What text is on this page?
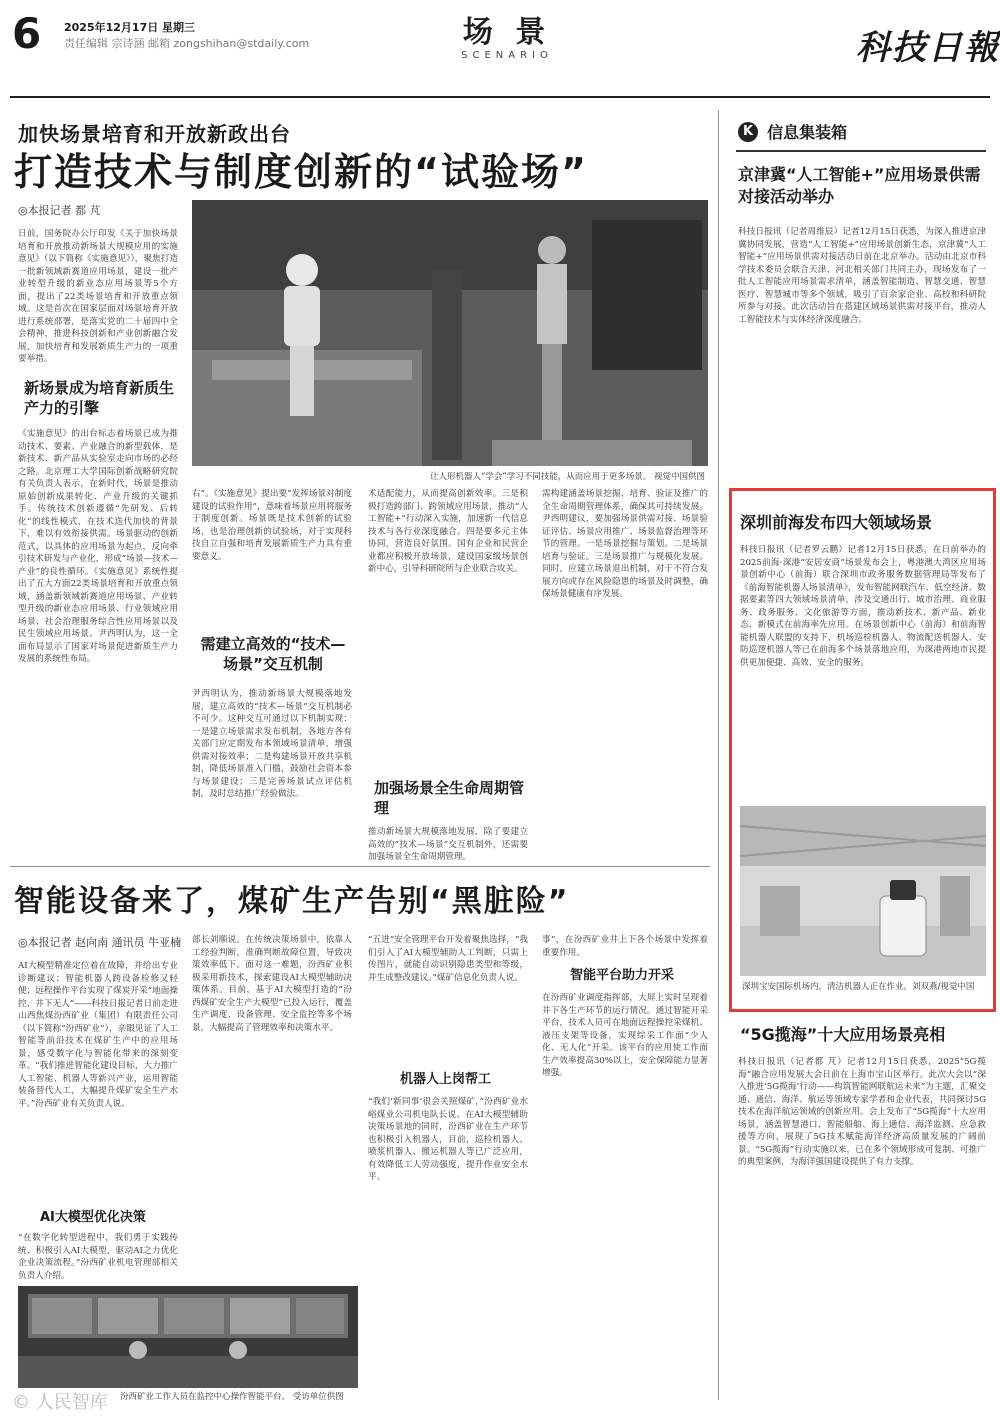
6 2025年12月17日 星期三
责任编辑 宗诗涵 邮箱 zongshihan@stdaily.com	场 景
SCENARIO	科技日報
加快场景培育和开放新政出台
打造技术与制度创新的“试验场”
◎本报记者 都 芃
日前，国务院办公厅印发《关于加快场景培育和开放推动新场景大规模应用的实施意见》（以下简称《实施意见》），聚焦打造一批新领域新赛道应用场景，建设一批产业转型升级的新业态应用场景等5个方面，提出了22类场景培育和开放重点领域。这是首次在国家层面对场景培育开放进行系统部署，是落实党的二十届四中全会精神，推进科技创新和产业创新融合发展，加快培育和发展新质生产力的一项重要举措。
新场景成为培育新质生产力的引擎
《实施意见》的出台标志着场景已成为推动技术、要素、产业融合的新型载体，是新技术、新产品从实验室走向市场的必经之路。北京理工大学国际创新战略研究院有关负责人表示，在新时代，场景是推动原始创新成果转化、产业升级的关键抓手。传统技术创新遵循“先研发、后转化”的线性模式，在技术迭代加快的背景下，难以有效衔接供需。场景驱动的创新范式，以具体的应用场景为起点，反向牵引技术研发与产业化，形成“场景—技术—产业”的良性循环。《实施意见》系统性提出了五大方面22类场景培育和开放重点领域，涵盖新领域新赛道应用场景、产业转型升级的新业态应用场景、行业领域应用场景、社会治理服务综合性应用场景以及民生领域应用场景。尹西明认为，这一全面布局显示了国家对场景促进新质生产力发展的系统性布局。
让人形机器人“学会”学习不同技能，从而应用于更多场景。 视觉中国供图
右”。《实施意见》提出要“发挥场景对制度建设的试验作用”，意味着场景应用将服务于制度创新。场景既是技术创新的试验场，也是治理创新的试验场，对于实现科技自立自强和培育发展新质生产力具有重要意义。
需建立高效的“技术—场景”交互机制
尹西明认为，推动新场景大规模落地发展，建立高效的“技术—场景”交互机制必不可少。这种交互可通过以下机制实现：一是建立场景需求发布机制，各地方各有关部门应定期发布本领域场景清单，增强供需对接效率；二是构建场景开放共享机制，降低场景准入门槛，鼓励社会资本参与场景建设；三是完善场景试点评估机制，及时总结推广经验做法。
术适配能力，从而提高创新效率。三是积极打造跨部门、跨领域应用场景，推动“人工智能+”行动深入实施，加速新一代信息技术与各行业深度融合。四是要多元主体协同，营造良好氛围。国有企业和民营企业都应积极开放场景，建设国家级场景创新中心，引导科研院所与企业联合攻关。
加强场景全生命周期管理
推动新场景大规模落地发展，除了要建立高效的“技术—场景”交互机制外，还需要加强场景全生命周期管理。
需构建涵盖场景挖掘、培育、验证及推广的全生命周期管理体系，确保其可持续发展。尹西明建议，要加强场景供需对接、场景验证评估、场景应用推广、场景监督治理等环节的管理。一是场景挖掘与策划。二是场景培育与验证。三是场景推广与规模化发展。同时，应建立场景退出机制，对于不符合发展方向或存在风险隐患的场景及时调整，确保场景健康有序发展。
智能设备来了，煤矿生产告别“黑脏险”
◎本报记者 赵向南 通讯员 牛亚楠
AI大模型精准定位着在故障，并给出专业诊断建议；智能机器人跨设备检修又轻便；远程操作平台实现了煤炭开采“地面操控、井下无人”——科技日报记者日前走进山西焦煤汾西矿业（集团）有限责任公司（以下简称“汾西矿业”），亲眼见证了人工智能等前沿技术在煤矿生产中的应用场景，感受数字化与智能化带来的深刻变革。“我们推进智能化建设目标，大力推广人工智能、机器人等新兴产业，运用智能装备替代人工，大幅提升煤矿安全生产水平。”汾西矿业有关负责人说。
AI大模型优化决策
“在数字化转型进程中，我们勇于实践传统、积极引入AI大模型，驱动AI之力优化企业决策流程。”汾西矿业机电管理部相关负责人介绍。
汾西矿业工作人员在监控中心操作智能平台。 受访单位供图
部长刘顺说。在传统决策场景中，依靠人工经验判断，准确判断故障位置，导致决策效率低下。面对这一难题，汾西矿业积极采用新技术，探索建设AI大模型辅助决策体系。目前，基于AI大模型打造的“汾西煤矿安全生产大模型”已投入运行，覆盖生产调度、设备管理、安全监控等多个场景，大幅提高了管理效率和决策水平。
“五进”安全管理平台开发着聚焦选择，“我们引入了AI大模型辅助人工判断，只需上传图片，就能自动识别隐患类型和等级，并生成整改建议。”煤矿信息化负责人说。
机器人上岗帮工
“我们‘新同事’很会关照煤矿，”汾西矿业水峪煤业公司机电队长说。在AI大模型辅助决策场景地的同时，汾西矿业在生产环节也积极引入机器人，目前，巡检机器人、喷浆机器人、搬运机器人等已广泛应用，有效降低工人劳动强度，提升作业安全水平。
事”，在汾西矿业井上下各个场景中发挥着重要作用。
智能平台助力开采
在汾西矿业调度指挥部，大屏上实时呈现着井下各生产环节的运行情况。通过智能开采平台，技术人员可在地面远程操控采煤机、液压支架等设备，实现综采工作面“少人化、无人化”开采。该平台的应用使工作面生产效率提高30%以上，安全保障能力显著增强。
K 信息集装箱
京津冀“人工智能+”应用场景供需对接活动举办
科技日报讯（记者周维辰）记者12月15日获悉，为深入推进京津冀协同发展，营造“人工智能+”应用场景创新生态，京津冀“人工智能+”应用场景供需对接活动日前在北京举办。活动由北京市科学技术委员会联合天津、河北相关部门共同主办，现场发布了一批人工智能应用场景需求清单，涵盖智能制造、智慧交通、智慧医疗、智慧城市等多个领域，吸引了百余家企业、高校和科研院所参与对接。此次活动旨在搭建区域场景供需对接平台，推动人工智能技术与实体经济深度融合。
深圳前海发布四大领域场景
科技日报讯（记者罗云鹏）记者12月15日获悉，在日前举办的2025前海·深港“安居安商”场景发布会上，粤港澳大湾区应用场景创新中心（前海）联合深圳市政务服务数据管理局等发布了《前海智能机器人场景清单》，发布智能网联汽车、低空经济、数据要素等四大领域场景清单，涉及交通出行、城市治理、商业服务、政务服务、文化旅游等方面，推动新技术、新产品、新业态、新模式在前海率先应用。在场景创新中心（前海）和前海智能机器人联盟的支持下，机场巡检机器人、物流配送机器人、安防巡逻机器人等已在前海多个场景落地应用，为深港两地市民提供更加便捷、高效、安全的服务。
深圳宝安国际机场内，清洁机器人正在作业。刘双燕/视觉中国
“5G揽海”十大应用场景亮相
科技日报讯（记者都 芃）记者12月15日获悉，2025“5G揽海”融合应用发展大会日前在上海市宝山区举行。此次大会以“深入推进‘5G揽海’行动——构筑智能网联航运未来”为主题，汇聚交通、通信、海洋、航运等领域专家学者和企业代表，共同探讨5G技术在海洋航运领域的创新应用。会上发布了“5G揽海”十大应用场景，涵盖智慧港口、智能船舶、海上通信、海洋监测、应急救援等方向，展现了5G技术赋能海洋经济高质量发展的广阔前景。“5G揽海”行动实施以来，已在多个领域形成可复制、可推广的典型案例，为海洋强国建设提供了有力支撑。
© 人民智库
